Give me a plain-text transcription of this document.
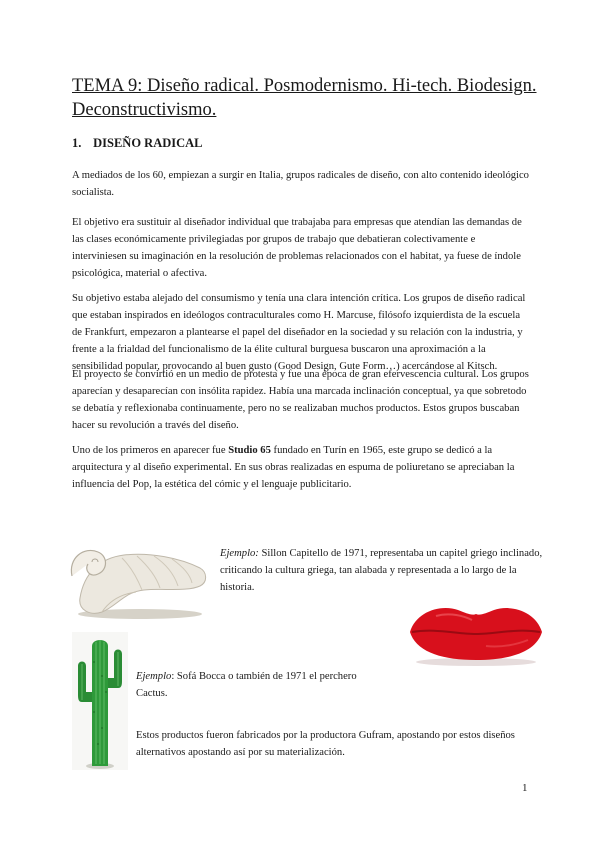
TEMA 9: Diseño radical. Posmodernismo. Hi-tech. Biodesign. Deconstructivismo.
1. DISEÑO RADICAL
A mediados de los 60, empiezan a surgir en Italia, grupos radicales de diseño, con alto contenido ideológico socialista.
El objetivo era sustituir al diseñador individual que trabajaba para empresas que atendían las demandas de las clases económicamente privilegiadas por grupos de trabajo que debatieran colectivamente e interviniesen su imaginación en la resolución de problemas relacionados con el habitat, ya fuese de índole psicológica, material o afectiva.
Su objetivo estaba alejado del consumismo y tenía una clara intención crítica. Los grupos de diseño radical que estaban inspirados en ideólogos contraculturales como H. Marcuse, filósofo izquierdista de la escuela de Frankfurt, empezaron a plantearse el papel del diseñador en la sociedad y su relación con la industria, y frente a la frialdad del funcionalismo de la élite cultural burguesa buscaron una aproximación a la sensibilidad popular, provocando al buen gusto (Good Design, Gute Form…) acercándose al Kitsch.
El proyecto se convirtió en un medio de protesta y fue una época de gran efervescencia cultural. Los grupos aparecían y desaparecían con insólita rapidez. Había una marcada inclinación conceptual, ya que sobretodo se debatía y reflexionaba continuamente, pero no se realizaban muchos productos. Estos grupos buscaban hacer su revolución a través del diseño.
Uno de los primeros en aparecer fue Studio 65 fundado en Turín en 1965, este grupo se dedicó a la arquitectura y al diseño experimental. En sus obras realizadas en espuma de poliuretano se apreciaban la influencia del Pop, la estética del cómic y el lenguaje publicitario.
Ejemplo: Sillon Capitello de 1971, representaba un capitel griego inclinado, criticando la cultura griega, tan alabada y representada a lo largo de la historia.
Ejemplo: Sofá Bocca o también de 1971 el perchero Cactus.
Estos productos fueron fabricados por la productora Gufram, apostando por estos diseños alternativos apostando así por su materialización.
1
